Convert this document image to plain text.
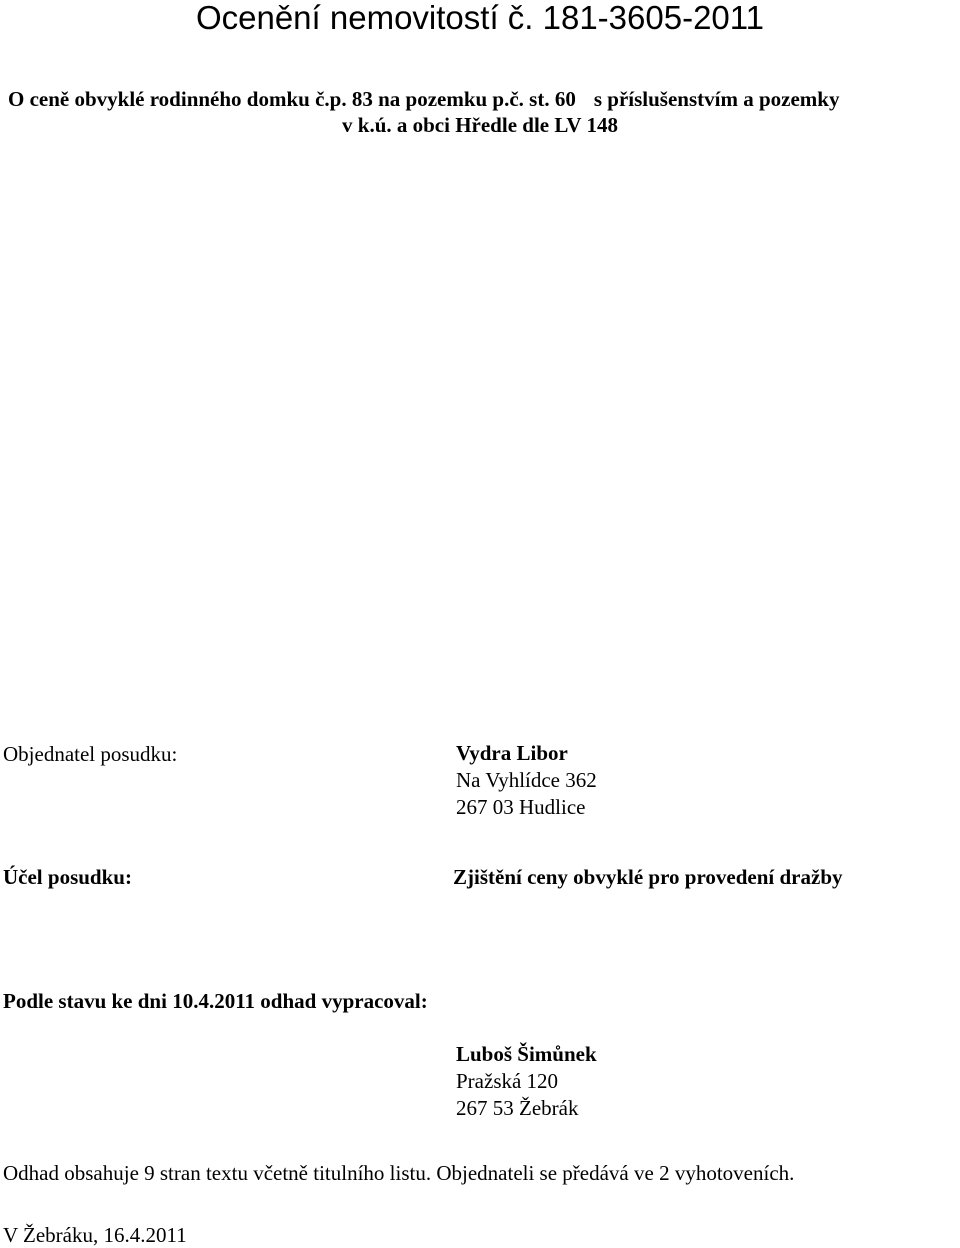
Ocenění nemovitostí č. 181-3605-2011
O ceně obvyklé rodinného domku č.p. 83 na pozemku p.č. st. 60 s příslušenstvím a pozemky
v k.ú. a obci Hředle dle LV 148
Objednatel posudku:	Vydra Libor
Na Vyhlídce 362
267 03 Hudlice
Účel posudku:	Zjištění ceny obvyklé pro provedení dražby
Podle stavu ke dni 10.4.2011 odhad vypracoval:
Luboš Šimůnek
Pražská 120
267 53 Žebrák
Odhad obsahuje 9 stran textu včetně titulního listu. Objednateli se předává ve 2 vyhotoveních.
V Žebráku, 16.4.2011
